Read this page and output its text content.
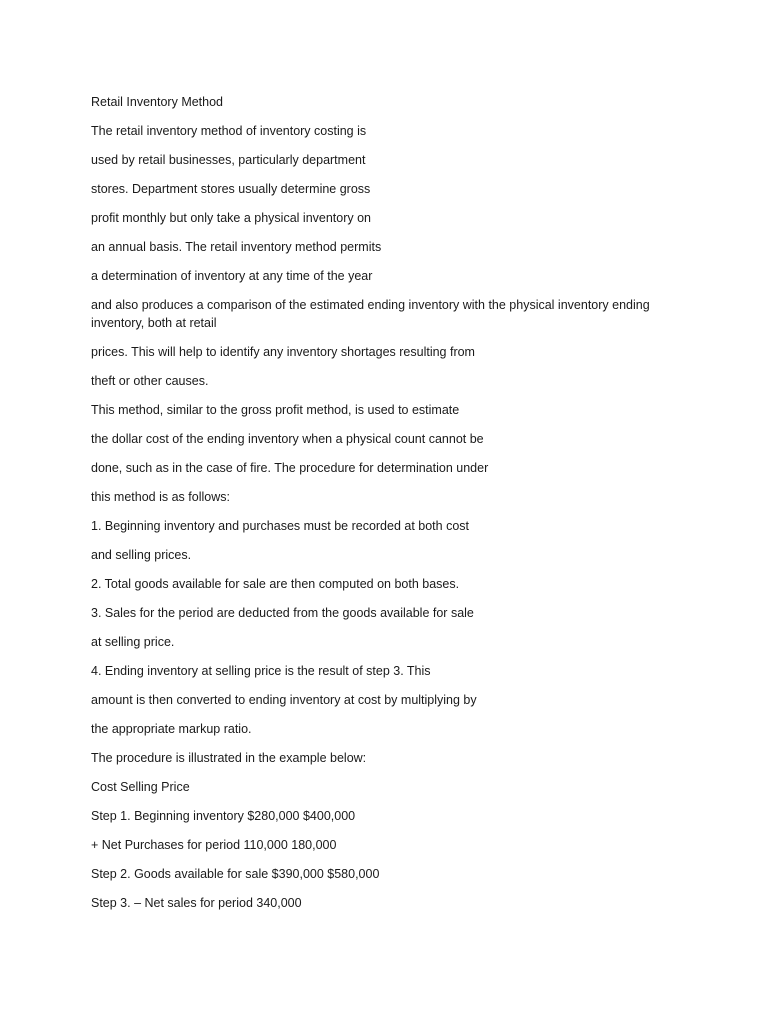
Retail Inventory Method

The retail inventory method of inventory costing is

used by retail businesses, particularly department

stores. Department stores usually determine gross

profit monthly but only take a physical inventory on

an annual basis. The retail inventory method permits

a determination of inventory at any time of the year

and also produces a comparison of the estimated ending inventory with the physical inventory ending inventory, both at retail

prices. This will help to identify any inventory shortages resulting from

theft or other causes.

This method, similar to the gross profit method, is used to estimate

the dollar cost of the ending inventory when a physical count cannot be

done, such as in the case of fire. The procedure for determination under

this method is as follows:

1. Beginning inventory and purchases must be recorded at both cost

and selling prices.

2. Total goods available for sale are then computed on both bases.

3. Sales for the period are deducted from the goods available for sale

at selling price.

4. Ending inventory at selling price is the result of step 3. This

amount is then converted to ending inventory at cost by multiplying by

the appropriate markup ratio.

The procedure is illustrated in the example below:

Cost Selling Price

Step 1. Beginning inventory $280,000 $400,000

+ Net Purchases for period 110,000 180,000

Step 2. Goods available for sale $390,000 $580,000

Step 3. – Net sales for period 340,000
